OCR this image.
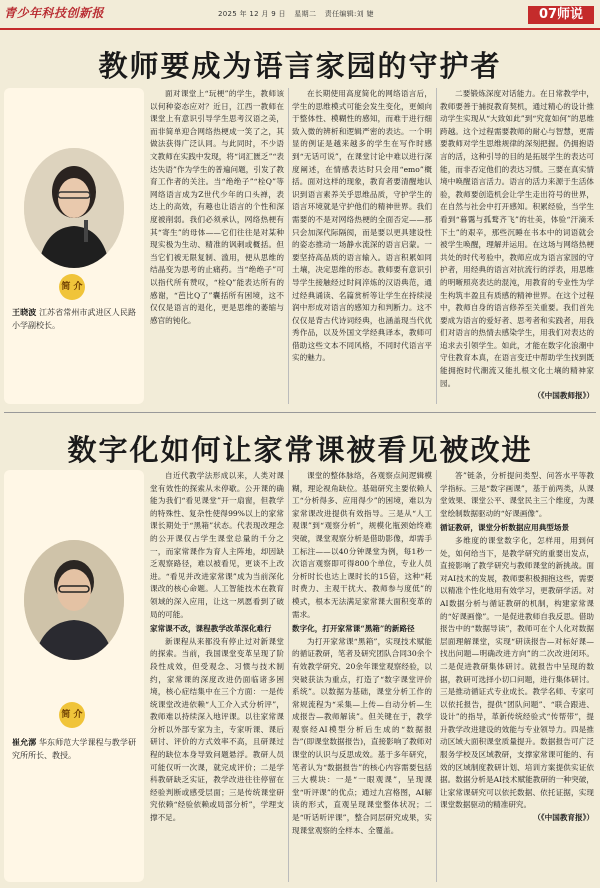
青少年科技创新报	2025 年 12 月 9 日 星期二 责任编辑:刘 婕	07师说
教师要成为语言家园的守护者
简 介
王晓波 江苏省常州市武进区人民路小学副校长。

面对课堂上“玩梗”的学生，教师该以何种姿态应对？近日，江西一教师在课堂上有意识引导学生思考汉语之美，而非简单迎合网络热梗成一笑了之，其做法获得广泛认同。与此同时，不少语文教师在实践中发现，将“词汇匮乏”“表达失语”作为学生的普遍问题，引发了教育工作者的关注。当“绝绝子”“栓Q”等网络语言成为Z世代少年的口头禅，表达上的高效，有趣也让语言的个性和深度被削弱。我们必须承认，网络热梗有其“寄生”的母体——它们往往是对某种现实极为生动、精准的讽刺或概括。但当它们被无限复制、滥用，便从思维的结晶变为思考的止痛药。当“绝绝子”可以指代所有赞叹，“栓Q”能表达所有的感谢，“芭比Q了”囊括所有困境，这不仅仅是语言的退化，更是思维的萎缩与感官的钝化。

在长期使用高度简化的网络语言后，学生的思维模式可能会发生变化，更倾向于整体性、模糊性的感知，而难于进行细致入微的辨析和逻辑严密的表达。一个明显的例证是越来越多的学生在写作时感到“无话可说”，在课堂讨论中难以进行深度阐述，在情感表达时只会用“emo”概括。面对这样的现象，教育者要清醒地认识到语言素养关乎思维品质，守护学生的语言环境就是守护他们的精神世界。我们需要的不是对网络热梗的全面否定——那只会加深代际隔阂，而是要以更具建设性的姿态推动一场静水流深的语言启蒙。一要坚持高品质的语言输入。语言积累如同土壤，决定思维的形态。教师要有意识引导学生接触经过时间淬炼的汉语典范，通过经典诵读、名篇赏析等让学生在持续浸润中形成对语言的感知力和判断力。这不仅仅是背古代诗词经典，也涵盖现当代优秀作品，以及外国文学经典译本，教师可借助这些文本不同风格，不同时代语言平实的魅力。

二要锻炼深度对话能力。在日常教学中，教师要善于捕捉教育契机，通过精心的设计推动学生实现从“大致如此”到“究竟如何”的思维跨越。这个过程需要教师的耐心与智慧，更需要教师对学生思维规律的深刻把握。仍拥抱语言的活，这种引导的目的是拓展学生的表达可能，而非否定他们的表达习惯。三要在真实情境中唤醒语言活力。语言的活力来源于生活体验，教师要创造机会让学生走出符号的世界，在自然与社会中打开感知。积累经验，当学生看到“暮霭与孤鹜齐飞”的壮美，体验“汗滴禾下土”的艰辛，那些沉睡在书本中的词语就会被学生唤醒，理解并运用。在这场与网络热梗共处的时代考验中，教师应成为语言家园的守护者，用经典的语言对抗流行的浮表，用思维的明晰照亮表达的混沌，用教育的专业性为学生构筑丰盈且有质感的精神世界。在这个过程中，教师自身的语言修养至关重要。我们首先要成为语言的爱好者、思考者和实践者，用我们对语言的热情去感染学生，用我们对表达的追求去引领学生。如此，才能在数字化浪潮中守住教育本真，在语言变迁中帮助学生找到既能拥抱时代潮流又能扎根文化土壤的精神家园。

（《中国教师报》）

数字化如何让家常课被看见被改进
简 介
崔允漷 华东师范大学课程与教学研究所所长、教授。

自近代教学法形成以来，人类对课堂有效性的探索从未停歇。公开课的确能为我们“看见课堂”开一扇窗，但教学的特殊性、复杂性使得99%以上的家常课长期处于“黑箱”状态。代表现改理念的公开课仅占学生课堂总量的千分之一，而家常课作为育人主阵地，却因缺乏观察路径，难以被看见，更谈不上改进。“看见并改进家常课”成为当前深化课改的核心命题。人工智能技术在教育领域的深入应用，让这一夙愿看到了破局的可能。

家常课不改，课程教学改革深化难行

新课程从来都没有停止过对新课堂的探索。当前，我国课堂变革呈现了阶段性成效，但受观念、习惯与技术制约，家常课的深度改进仍面临诸多困境，核心症结集中在三个方面：一是传统课堂改进依赖“人工介入式分析评”，教师难以持续深入地评课。以往家常课分析以外部专家为主，专家听课、课后研讨、评价的方式效率不高，且研课过程的缺位本身导致问题悬浮。教研人员可能仅听一次课，就完成评价；二是学科教研缺乏实证，教学改进往往停留在经验判断或感受层面；三是传统课堂研究依赖“经验依赖或局部分析”，学理支撑不足。

课堂的整体脉络，各观察点间逻辑模糊，理论视角缺位。基础研究主要依赖人工“分析得多、应用得少”的困境，难以为家常课改进提供有效指导。三是从“人工观课”到“观察分析”，规模化瓶颈始终难突破，课堂观察分析是借助影像，却需手工标注——以40分钟课堂为例，每1秒一次语言观察即可得800个单位，专业人员分析时长也达上课时长的15倍，这种“耗时费力、主观干扰大、教师参与度低”的模式，根本无法满足家常课大面积变革的需求。

数字化，打开家常课“黑箱”的新路径

为打开家常课“黑箱”，实现技术赋能的循证教研，笔者及研究团队合同30余个有效教学研究、20余年课堂观察经验，以突破获法为重点，打造了“数字课堂评价系统”。以数据为基础，课堂分析工作的常规流程为“采集—上传—自动分析—生成报告—教师解读”。但关键在于，教学观察经AI模型分析后生成的“数据报告”(即课堂数据报告)，直接影响了教师对课堂的认识与反思成效。基于多年研究，笔者认为“数据报告”的核心内容需要包括三大模块：一是“一眼观课”，呈现课堂“听评课”的优点；通过九宫格图，AI解读的形式，直观呈现课堂整体状况；二是“听话听评课”，整合同层研究成果，实现课堂观察的全样本、全覆盖。

答”链条，分析提问类型、问答水平等教学指标。三是“数字画课”，基于前两类，从课堂效果、课堂公平、课堂民主三个维度，为课堂绘制数据驱动的“好课画像”。

循证教研，课堂分析数据应用典型场景

多维度的课堂数字化，怎样用，用到何处，如何给当下，是教学研究的重要出发点，直接影响了教学研究与教师课堂的新挑战。面对AI技术的发展，教师要积极拥抱这些，需要以精准个性化地用有效学习，更教研学活。对AI数据分析与循证教研的机制，构建家常课的“好课画像”。一是促进教师自我反思。借助报告中的“数据导读”，教师可在个人化对数据层面理解课堂，实现“研读报告—对标好课—找出问题—明确改进方向”的二次改进闭环。二是促进教研集体研讨。就报告中呈现的数据，教研可选择小切口问题，进行集体研讨。三是推动循证式专业成长。教学名师、专家可以依托报告，提供“团队问题”、“联合跟进、设计”的指导，革新传统经验式“传帮带”，提升教学改进建设的效能与专业领导力。四是推动区域大面积课堂质量提升。数据报告可广泛服务学校及区域教研，支撑家常课可能的、有效的区域制度教研计划、培训方案提供实证依据。数据分析是AI技术赋能教研的一种突破，让家常课研究可以依托数据、依托证据，实现课堂数据驱动的精准研究。

（《中国教育报》）
